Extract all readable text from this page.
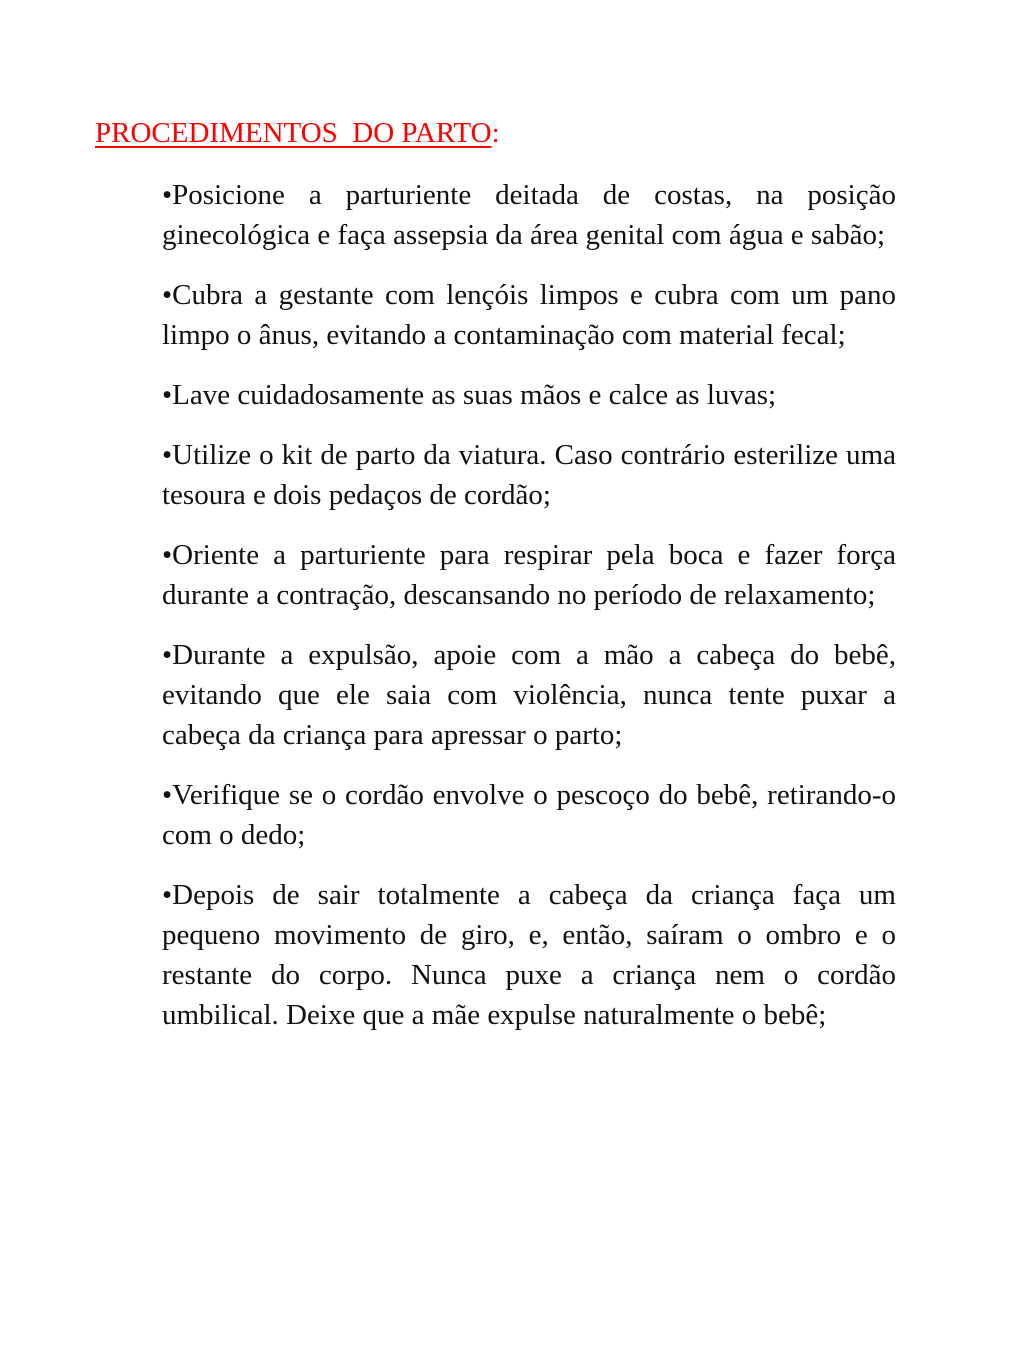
PROCEDIMENTOS  DO PARTO:
•Posicione a parturiente deitada de costas, na posição ginecológica e faça assepsia da área genital com água e sabão;
•Cubra a gestante com lençóis limpos e cubra com um pano limpo o ânus, evitando a contaminação com material fecal;
•Lave cuidadosamente as suas mãos e calce as luvas;
•Utilize o kit de parto da viatura. Caso contrário esterilize uma tesoura e dois pedaços de cordão;
•Oriente a parturiente para respirar pela boca e fazer força durante a contração, descansando no período de relaxamento;
•Durante a expulsão, apoie com a mão a cabeça do bebê, evitando que ele saia com violência, nunca tente puxar a cabeça da criança para apressar o parto;
•Verifique se o cordão envolve o pescoço do bebê, retirando-o com o dedo;
•Depois de sair totalmente a cabeça da criança faça um pequeno movimento de giro, e, então, saíram o ombro e o restante do corpo. Nunca puxe a criança nem o cordão umbilical. Deixe que a mãe expulse naturalmente o bebê;
